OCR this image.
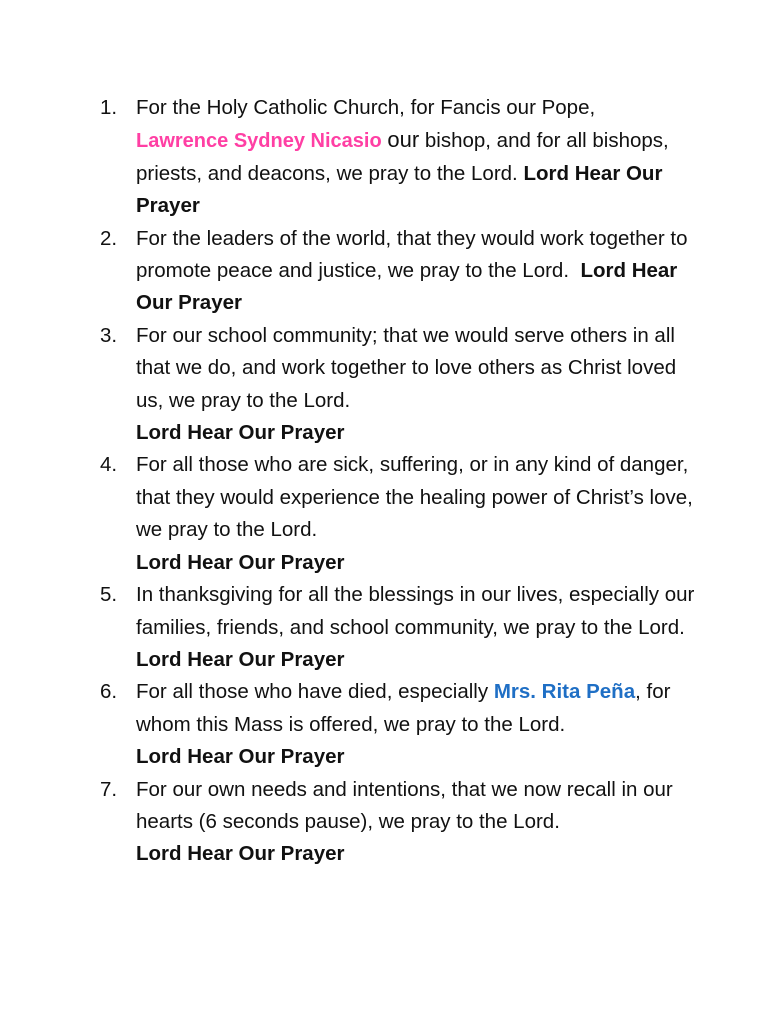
1. For the Holy Catholic Church, for Fancis our Pope,
Lawrence Sydney Nicasio our bishop, and for all bishops, priests, and deacons, we pray to the Lord. Lord Hear Our Prayer
2. For the leaders of the world, that they would work together to promote peace and justice, we pray to the Lord. Lord Hear Our Prayer
3. For our school community; that we would serve others in all that we do, and work together to love others as Christ loved us, we pray to the Lord.
Lord Hear Our Prayer
4. For all those who are sick, suffering, or in any kind of danger, that they would experience the healing power of Christ’s love, we pray to the Lord.
Lord Hear Our Prayer
5. In thanksgiving for all the blessings in our lives, especially our families, friends, and school community, we pray to the Lord.
Lord Hear Our Prayer
6. For all those who have died, especially Mrs. Rita Peña, for whom this Mass is offered, we pray to the Lord.
Lord Hear Our Prayer
7. For our own needs and intentions, that we now recall in our hearts (6 seconds pause), we pray to the Lord.
Lord Hear Our Prayer
